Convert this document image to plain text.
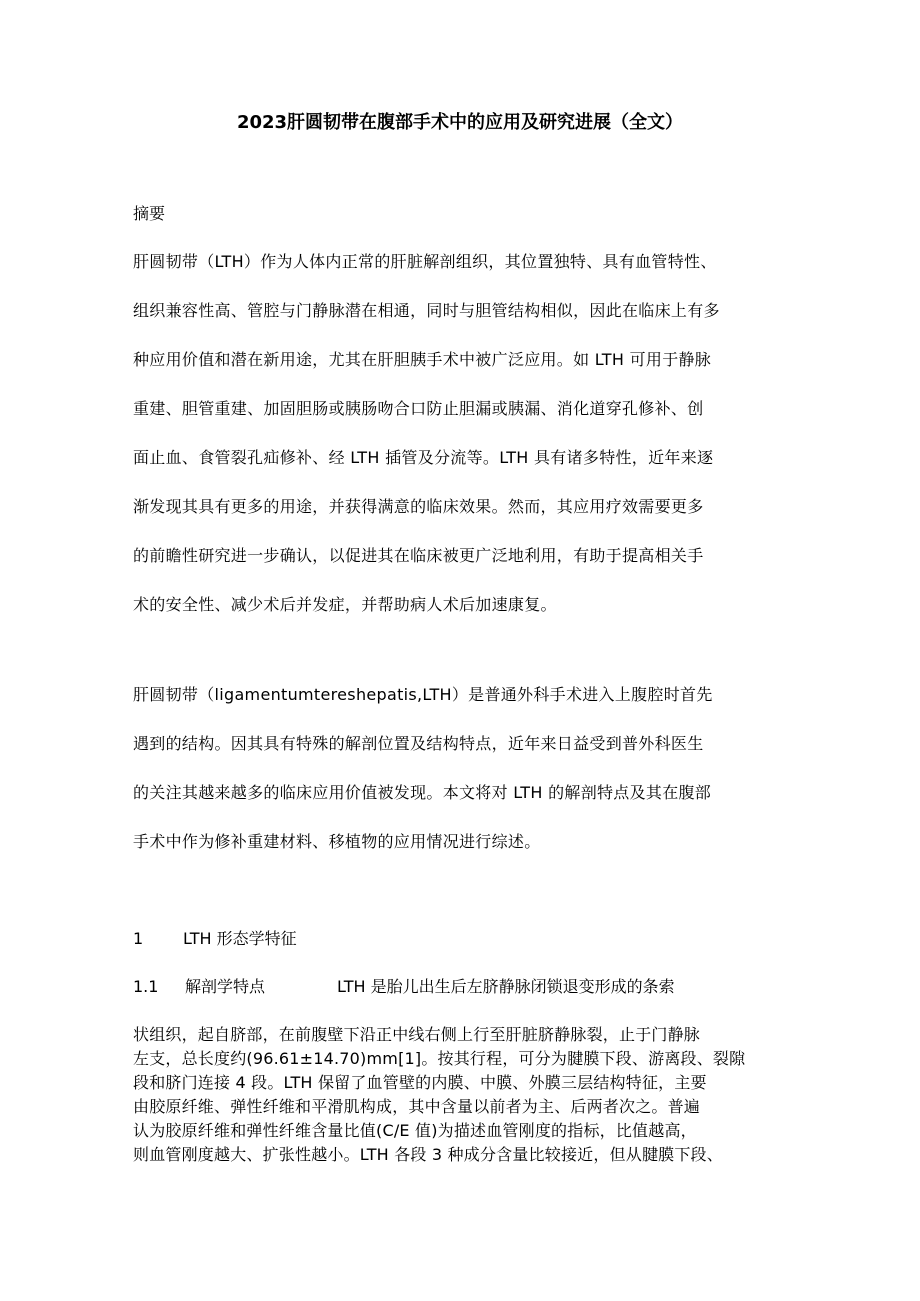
2023肝圆韧带在腹部手术中的应用及研究进展（全文）
摘要
肝圆韧带（LTH）作为人体内正常的肝脏解剖组织，其位置独特、具有血管特性、
组织兼容性高、管腔与门静脉潜在相通，同时与胆管结构相似，因此在临床上有多
种应用价值和潜在新用途，尤其在肝胆胰手术中被广泛应用。如 LTH 可用于静脉
重建、胆管重建、加固胆肠或胰肠吻合口防止胆漏或胰漏、消化道穿孔修补、创
面止血、食管裂孔疝修补、经 LTH 插管及分流等。LTH 具有诸多特性，近年来逐
渐发现其具有更多的用途，并获得满意的临床效果。然而，其应用疗效需要更多
的前瞻性研究进一步确认，以促进其在临床被更广泛地利用，有助于提高相关手
术的安全性、减少术后并发症，并帮助病人术后加速康复。
肝圆韧带（ligamentumtereshepatis,LTH）是普通外科手术进入上腹腔时首先
遇到的结构。因其具有特殊的解剖位置及结构特点，近年来日益受到普外科医生
的关注其越来越多的临床应用价值被发现。本文将对 LTH 的解剖特点及其在腹部
手术中作为修补重建材料、移植物的应用情况进行综述。
1 LTH 形态学特征
1.1 解剖学特点	LTH 是胎儿出生后左脐静脉闭锁退变形成的条索
状组织，起自脐部，在前腹壁下沿正中线右侧上行至肝脏脐静脉裂，止于门静脉
左支，总长度约(96.61±14.70)mm[1]。按其行程，可分为腱膜下段、游离段、裂隙
段和脐门连接 4 段。LTH 保留了血管壁的内膜、中膜、外膜三层结构特征，主要
由胶原纤维、弹性纤维和平滑肌构成，其中含量以前者为主、后两者次之。普遍
认为胶原纤维和弹性纤维含量比值(C/E 值)为描述血管刚度的指标，比值越高，
则血管刚度越大、扩张性越小。LTH 各段 3 种成分含量比较接近，但从腱膜下段、
